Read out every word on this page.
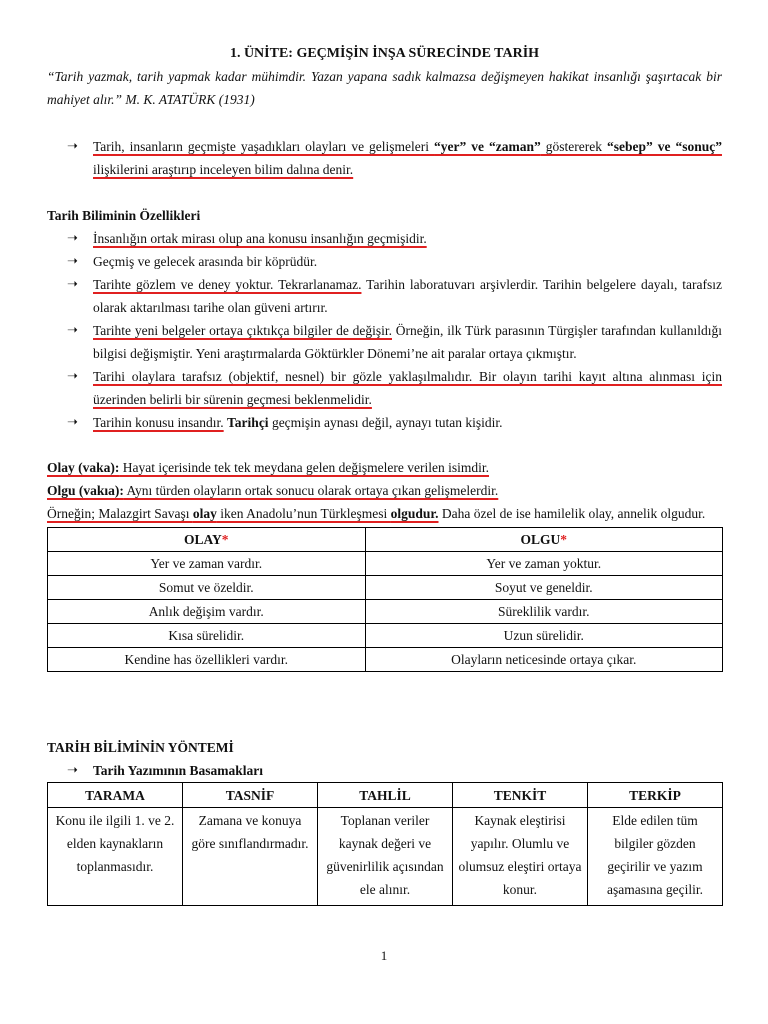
1. ÜNİTE: GEÇMİŞİN İNŞA SÜRECİNDE TARİH
“Tarih yazmak, tarih yapmak kadar mühimdir. Yazan yapana sadık kalmazsa değişmeyen hakikat insanlığı şaşırtacak bir mahiyet alır.” M. K. ATATÜRK (1931)
➝	Tarih, insanların geçmişte yaşadıkları olayları ve gelişmeleri “yer” ve “zaman” göstererek “sebep” ve “sonuç” ilişkilerini araştırıp inceleyen bilim dalına denir.
Tarih Biliminin Özellikleri
➝	İnsanlığın ortak mirası olup ana konusu insanlığın geçmişidir.
➝	Geçmiş ve gelecek arasında bir köprüdür.
➝	Tarihte gözlem ve deney yoktur. Tekrarlanamaz. Tarihin laboratuvarı arşivlerdir. Tarihin belgelere dayalı, tarafsız olarak aktarılması tarihe olan güveni artırır.
➝	Tarihte yeni belgeler ortaya çıktıkça bilgiler de değişir. Örneğin, ilk Türk parasının Türgişler tarafından kullanıldığı bilgisi değişmiştir. Yeni araştırmalarda Göktürkler Dönemi’ne ait paralar ortaya çıkmıştır.
➝	Tarihi olaylara tarafsız (objektif, nesnel) bir gözle yaklaşılmalıdır. Bir olayın tarihi kayıt altına alınması için üzerinden belirli bir sürenin geçmesi beklenmelidir.
➝	Tarihin konusu insandır. Tarihçi geçmişin aynası değil, aynayı tutan kişidir.
Olay (vaka): Hayat içerisinde tek tek meydana gelen değişmelere verilen isimdir.
Olgu (vakıa): Aynı türden olayların ortak sonucu olarak ortaya çıkan gelişmelerdir.
Örneğin; Malazgirt Savaşı olay iken Anadolu’nun Türkleşmesi olgudur. Daha özel de ise hamilelik olay, annelik olgudur.
OLAY*	OLGU*
Yer ve zaman vardır.	Yer ve zaman yoktur.
Somut ve özeldir.	Soyut ve geneldir.
Anlık değişim vardır.	Süreklilik vardır.
Kısa sürelidir.	Uzun sürelidir.
Kendine has özellikleri vardır.	Olayların neticesinde ortaya çıkar.
TARİH BİLİMİNİN YÖNTEMİ
➝	Tarih Yazımının Basamakları
TARAMA	TASNİF	TAHLİL	TENKİT	TERKİP
Konu ile ilgili 1. ve 2. elden kaynakların toplanmasıdır.	Zamana ve konuya göre sınıflandırmadır.	Toplanan veriler kaynak değeri ve güvenirlilik açısından ele alınır.	Kaynak eleştirisi yapılır. Olumlu ve olumsuz eleştiri ortaya konur.	Elde edilen tüm bilgiler gözden geçirilir ve yazım aşamasına geçilir.
1
